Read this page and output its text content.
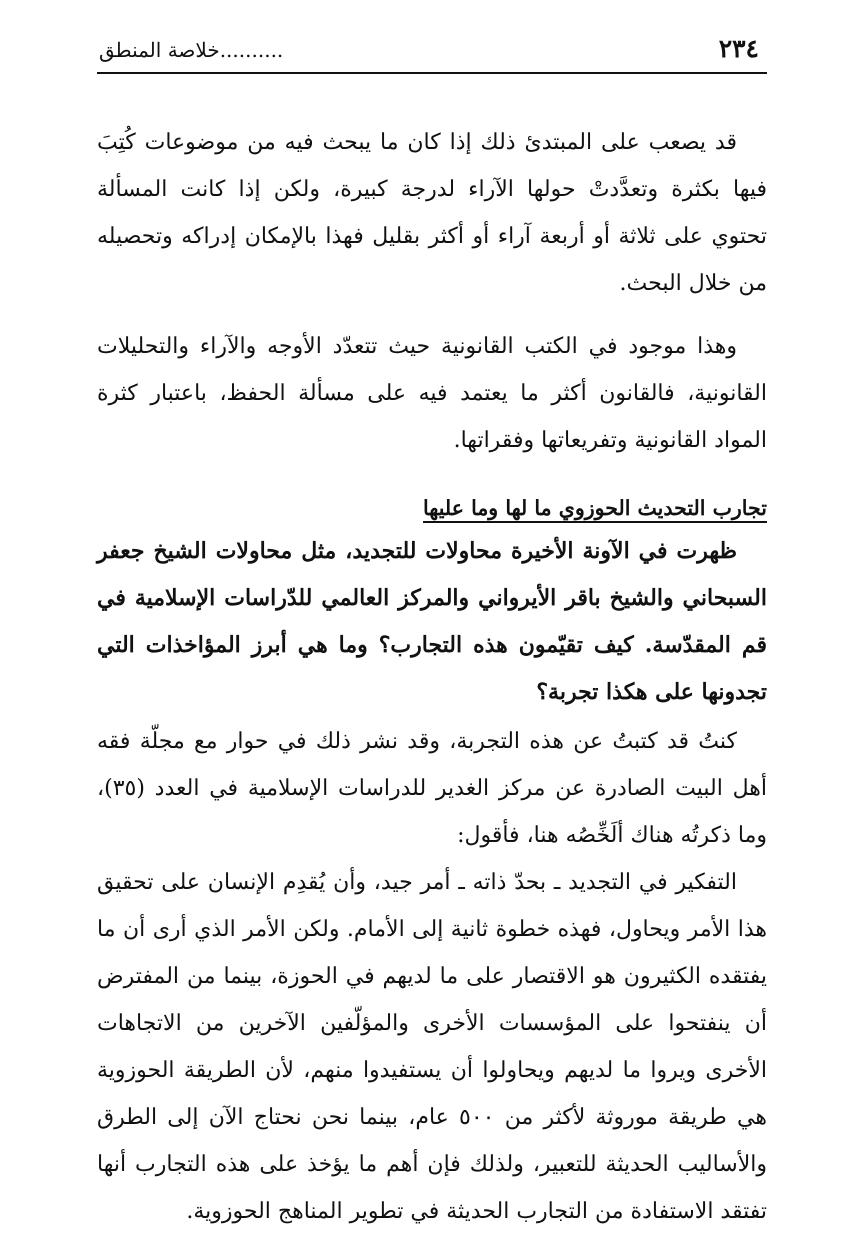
٢٣٤
..........خلاصة المنطق

قد يصعب على المبتدئ ذلك إذا كان ما يبحث فيه من موضوعات كُتِبَ فيها بكثرة وتعدَّدتْ حولها الآراء لدرجة كبيرة، ولكن إذا كانت المسألة تحتوي على ثلاثة أو أربعة آراء أو أكثر بقليل فهذا بالإمكان إدراكه وتحصيله من خلال البحث.

وهذا موجود في الكتب القانونية حيث تتعدّد الأوجه والآراء والتحليلات القانونية، فالقانون أكثر ما يعتمد فيه على مسألة الحفظ، باعتبار كثرة المواد القانونية وتفريعاتها وفقراتها.

تجارب التحديث الحوزوي ما لها وما عليها

ظهرت في الآونة الأخيرة محاولات للتجديد، مثل محاولات الشيخ جعفر السبحاني والشيخ باقر الأيرواني والمركز العالمي للدّراسات الإسلامية في قم المقدّسة. كيف تقيّمون هذه التجارب؟ وما هي أبرز المؤاخذات التي تجدونها على هكذا تجربة؟

كنتُ قد كتبتُ عن هذه التجربة، وقد نشر ذلك في حوار مع مجلّة فقه أهل البيت الصادرة عن مركز الغدير للدراسات الإسلامية في العدد (٣٥)، وما ذكرتُه هناك ألَخِّصُه هنا، فأقول:

التفكير في التجديد ـ بحدّ ذاته ـ أمر جيد، وأن يُقدِم الإنسان على تحقيق هذا الأمر ويحاول، فهذه خطوة ثانية إلى الأمام. ولكن الأمر الذي أرى أن ما يفتقده الكثيرون هو الاقتصار على ما لديهم في الحوزة، بينما من المفترض أن ينفتحوا على المؤسسات الأخرى والمؤلّفين الآخرين من الاتجاهات الأخرى ويروا ما لديهم ويحاولوا أن يستفيدوا منهم، لأن الطريقة الحوزوية هي طريقة موروثة لأكثر من ٥٠٠ عام، بينما نحن نحتاج الآن إلى الطرق والأساليب الحديثة للتعبير، ولذلك فإن أهم ما يؤخذ على هذه التجارب أنها تفتقد الاستفادة من التجارب الحديثة في تطوير المناهج الحوزوية.
